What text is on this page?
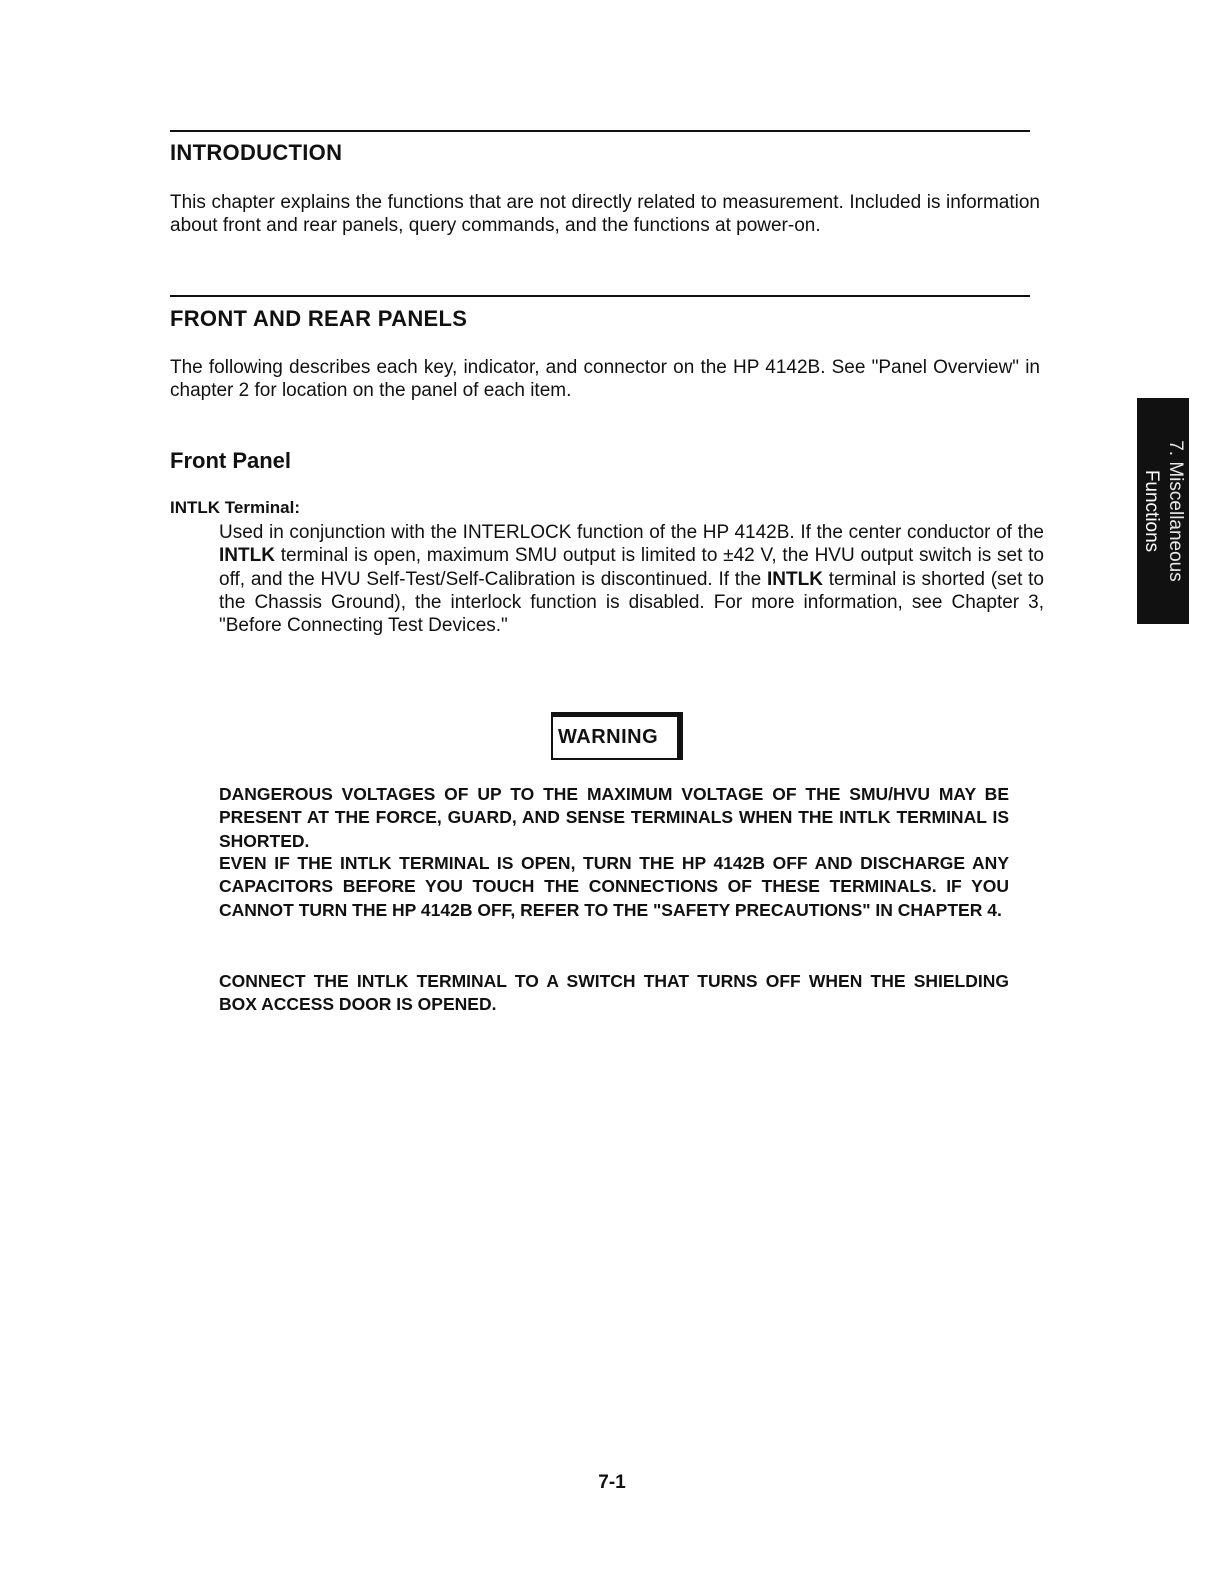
INTRODUCTION

This chapter explains the functions that are not directly related to measurement. Included is information about front and rear panels, query commands, and the functions at power-on.

FRONT AND REAR PANELS

The following describes each key, indicator, and connector on the HP 4142B. See "Panel Overview" in chapter 2 for location on the panel of each item.

Front Panel

INTLK Terminal:

Used in conjunction with the INTERLOCK function of the HP 4142B. If the center conductor of the INTLK terminal is open, maximum SMU output is limited to ±42 V, the HVU output switch is set to off, and the HVU Self-Test/Self-Calibration is discontinued. If the INTLK terminal is shorted (set to the Chassis Ground), the interlock function is disabled. For more information, see Chapter 3, "Before Connecting Test Devices."

WARNING

DANGEROUS VOLTAGES OF UP TO THE MAXIMUM VOLTAGE OF THE SMU/HVU MAY BE PRESENT AT THE FORCE, GUARD, AND SENSE TERMINALS WHEN THE INTLK TERMINAL IS SHORTED.

EVEN IF THE INTLK TERMINAL IS OPEN, TURN THE HP 4142B OFF AND DISCHARGE ANY CAPACITORS BEFORE YOU TOUCH THE CONNECTIONS OF THESE TERMINALS. IF YOU CANNOT TURN THE HP 4142B OFF, REFER TO THE "SAFETY PRECAUTIONS" IN CHAPTER 4.

CONNECT THE INTLK TERMINAL TO A SWITCH THAT TURNS OFF WHEN THE SHIELDING BOX ACCESS DOOR IS OPENED.

7. Miscellaneous
Functions
7-1
